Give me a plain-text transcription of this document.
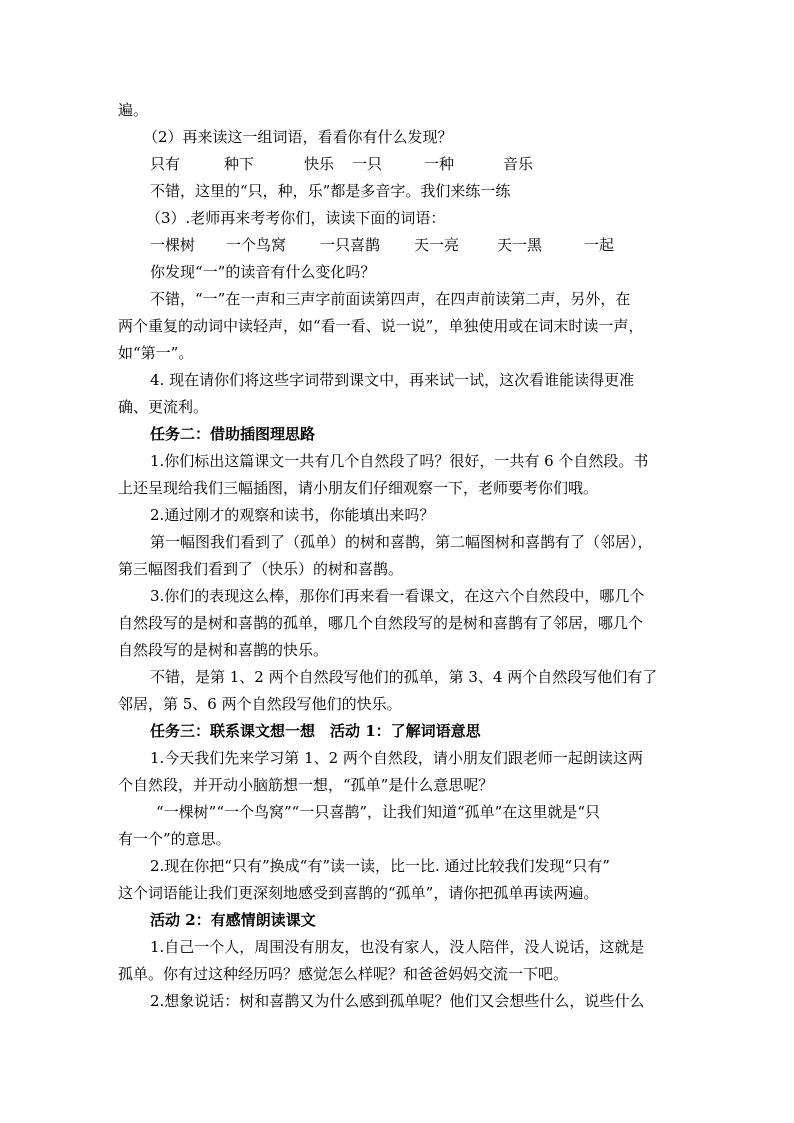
遍。
（2）再来读这一组词语，看看你有什么发现？
只有	种下	快乐 一只	一种	音乐
不错，这里的“只，种，乐”都是多音字。我们来练一练
（3）.老师再来考考你们，读读下面的词语：
一棵树 一个鸟窝 一只喜鹊 天一亮	天一黑	一起
你发现“一”的读音有什么变化吗？
不错，“一”在一声和三声字前面读第四声，在四声前读第二声，另外，在
两个重复的动词中读轻声，如“看一看、说一说”，单独使用或在词末时读一声，
如“第一”。
4. 现在请你们将这些字词带到课文中，再来试一试，这次看谁能读得更准
确、更流利。
任务二：借助插图理思路
1.你们标出这篇课文一共有几个自然段了吗？很好，一共有 6 个自然段。书
上还呈现给我们三幅插图，请小朋友们仔细观察一下，老师要考你们哦。
2.通过刚才的观察和读书，你能填出来吗？
第一幅图我们看到了（孤单）的树和喜鹊，第二幅图树和喜鹊有了（邻居），
第三幅图我们看到了（快乐）的树和喜鹊。
3.你们的表现这么棒，那你们再来看一看课文，在这六个自然段中，哪几个
自然段写的是树和喜鹊的孤单，哪几个自然段写的是树和喜鹊有了邻居，哪几个
自然段写的是树和喜鹊的快乐。
不错，是第 1、2 两个自然段写他们的孤单，第 3、4 两个自然段写他们有了
邻居，第 5、6 两个自然段写他们的快乐。
任务三：联系课文想一想　活动 1：了解词语意思
1.今天我们先来学习第 1、2 两个自然段，请小朋友们跟老师一起朗读这两
个自然段，并开动小脑筋想一想，“孤单”是什么意思呢？
“一棵树”“一个鸟窝”“一只喜鹊”，让我们知道“孤单”在这里就是“只
有一个”的意思。
2.现在你把“只有”换成“有”读一读，比一比. 通过比较我们发现“只有”
这个词语能让我们更深刻地感受到喜鹊的“孤单”，请你把孤单再读两遍。
活动 2：有感情朗读课文
1.自己一个人，周围没有朋友，也没有家人，没人陪伴，没人说话，这就是
孤单。你有过这种经历吗？感觉怎么样呢？和爸爸妈妈交流一下吧。
2.想象说话：树和喜鹊又为什么感到孤单呢？他们又会想些什么，说些什么
